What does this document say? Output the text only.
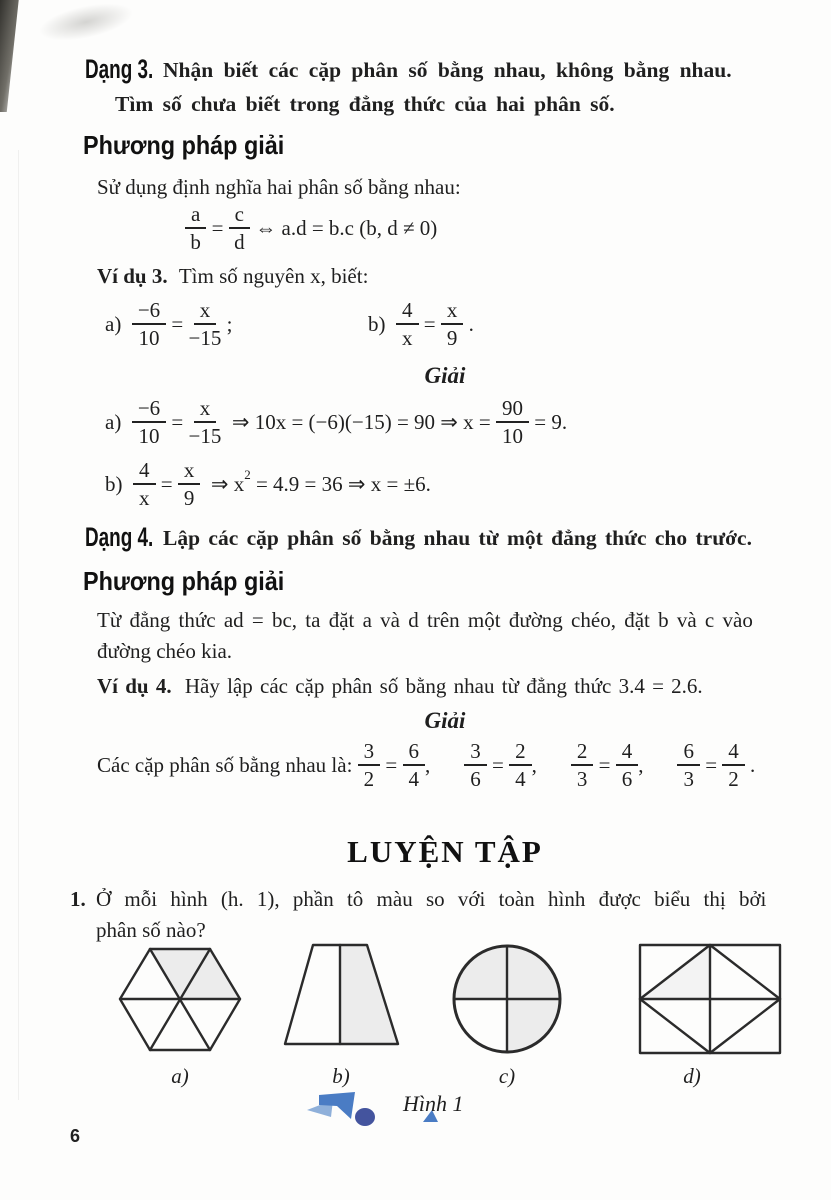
Dạng 3. Nhận biết các cặp phân số bằng nhau, không bằng nhau.
Tìm số chưa biết trong đẳng thức của hai phân số.
Phương pháp giải
Sử dụng định nghĩa hai phân số bằng nhau:
$\frac{a}{b} = \frac{c}{d}$ ⇔ a.d = b.c (b, d ≠ 0)
Ví dụ 3. Tìm số nguyên x, biết:
$a) \frac{-6}{10} = \frac{x}{-15}$ ;	$b) \frac{4}{x} = \frac{x}{9}$ .
Giải
$a) \frac{-6}{10} = \frac{x}{-15}$ ⇒ 10x = (−6)(−15) = 90 ⇒ $x = \frac{90}{10} = 9$.
$b) \frac{4}{x} = \frac{x}{9}$ ⇒ x 2 = 4.9 = 36 ⇒ x = ±6.
Dạng 4. Lập các cặp phân số bằng nhau từ một đẳng thức cho trước.
Phương pháp giải
Từ đẳng thức ad = bc, ta đặt a và d trên một đường chéo, đặt b và c vào
đường chéo kia.
Ví dụ 4. Hãy lập các cặp phân số bằng nhau từ đẳng thức 3.4 = 2.6.
Giải
Các cặp phân số bằng nhau là: $\frac{3}{2} = \frac{6}{4}$ , $\frac{3}{6} = \frac{2}{4}$ , $\frac{2}{3} = \frac{4}{6}$ , $\frac{6}{3} = \frac{4}{2}$ .
LUYỆN TẬP
1. Ở mỗi hình (h. 1), phần tô màu so với toàn hình được biểu thị bởi
phân số nào?
a)	b)	c)	d)
Hình 1
6
